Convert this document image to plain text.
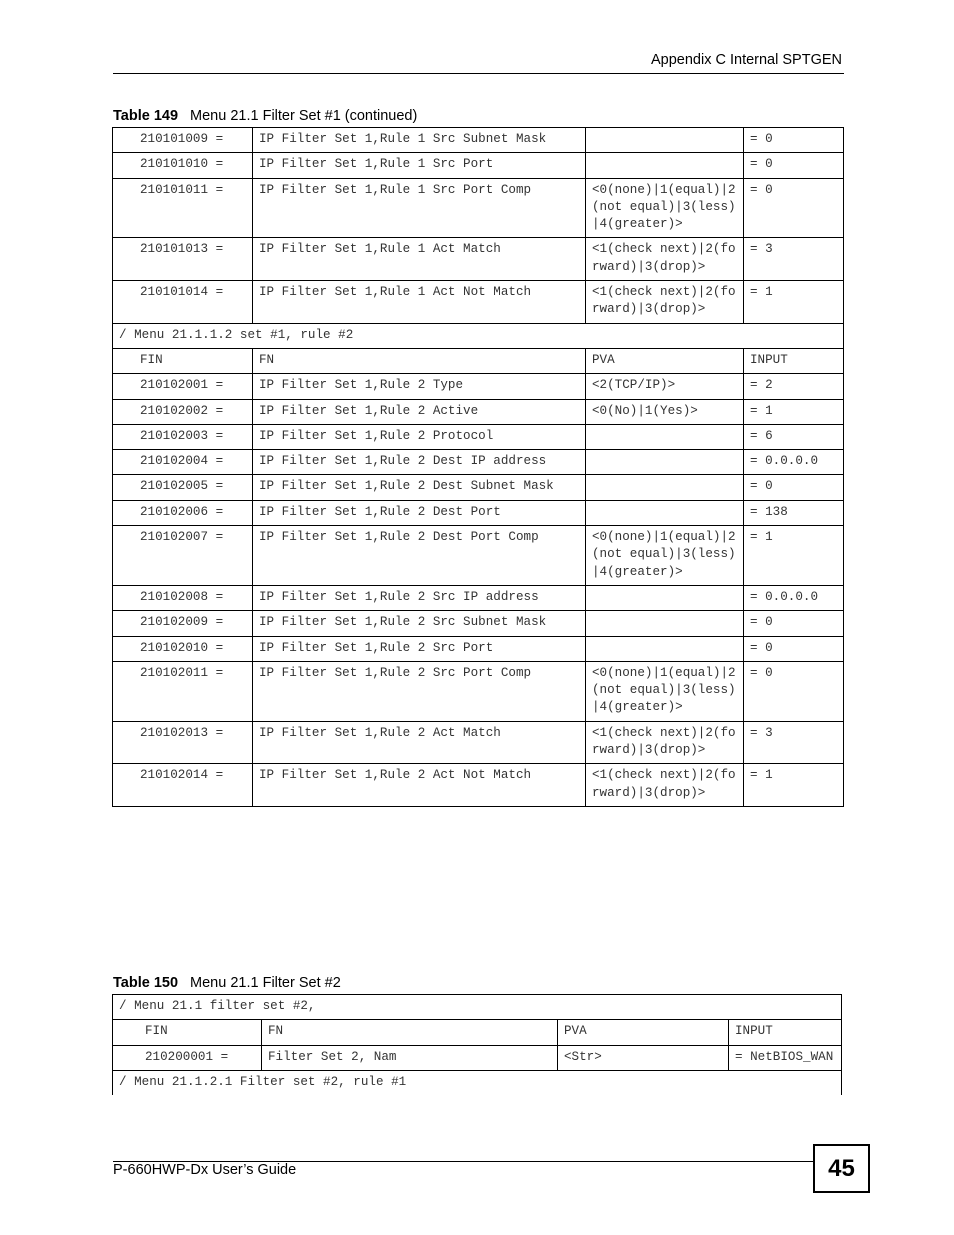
Appendix C Internal SPTGEN
Table 149 Menu 21.1 Filter Set #1 (continued)
210101009 =	IP Filter Set 1,Rule 1 Src Subnet Mask		= 0
210101010 =	IP Filter Set 1,Rule 1 Src Port		= 0
210101011 =	IP Filter Set 1,Rule 1 Src Port Comp	<0(none)|1(equal)|2(not equal)|3(less)|4(greater)>	= 0
210101013 =	IP Filter Set 1,Rule 1 Act Match	<1(check next)|2(forward)|3(drop)>	= 3
210101014 =	IP Filter Set 1,Rule 1 Act Not Match	<1(check next)|2(forward)|3(drop)>	= 1
/ Menu 21.1.1.2 set #1, rule #2			
FIN	FN	PVA	INPUT
210102001 =	IP Filter Set 1,Rule 2 Type	<2(TCP/IP)>	= 2
210102002 =	IP Filter Set 1,Rule 2 Active	<0(No)|1(Yes)>	= 1
210102003 =	IP Filter Set 1,Rule 2 Protocol		= 6
210102004 =	IP Filter Set 1,Rule 2 Dest IP address		= 0.0.0.0
210102005 =	IP Filter Set 1,Rule 2 Dest Subnet Mask		= 0
210102006 =	IP Filter Set 1,Rule 2 Dest Port		= 138
210102007 =	IP Filter Set 1,Rule 2 Dest Port Comp	<0(none)|1(equal)|2(not equal)|3(less)|4(greater)>	= 1
210102008 =	IP Filter Set 1,Rule 2 Src IP address		= 0.0.0.0
210102009 =	IP Filter Set 1,Rule 2 Src Subnet Mask		= 0
210102010 =	IP Filter Set 1,Rule 2 Src Port		= 0
210102011 =	IP Filter Set 1,Rule 2 Src Port Comp	<0(none)|1(equal)|2(not equal)|3(less)|4(greater)>	= 0
210102013 =	IP Filter Set 1,Rule 2 Act Match	<1(check next)|2(forward)|3(drop)>	= 3
210102014 =	IP Filter Set 1,Rule 2 Act Not Match	<1(check next)|2(forward)|3(drop)>	= 1
Table 150 Menu 21.1 Filter Set #2
/ Menu 21.1 filter set #2,			
FIN	FN	PVA	INPUT
210200001 =	Filter Set 2, Nam	<Str>	= NetBIOS_WAN
/ Menu 21.1.2.1 Filter set #2, rule #1			
P-660HWP-Dx User’s Guide	45
